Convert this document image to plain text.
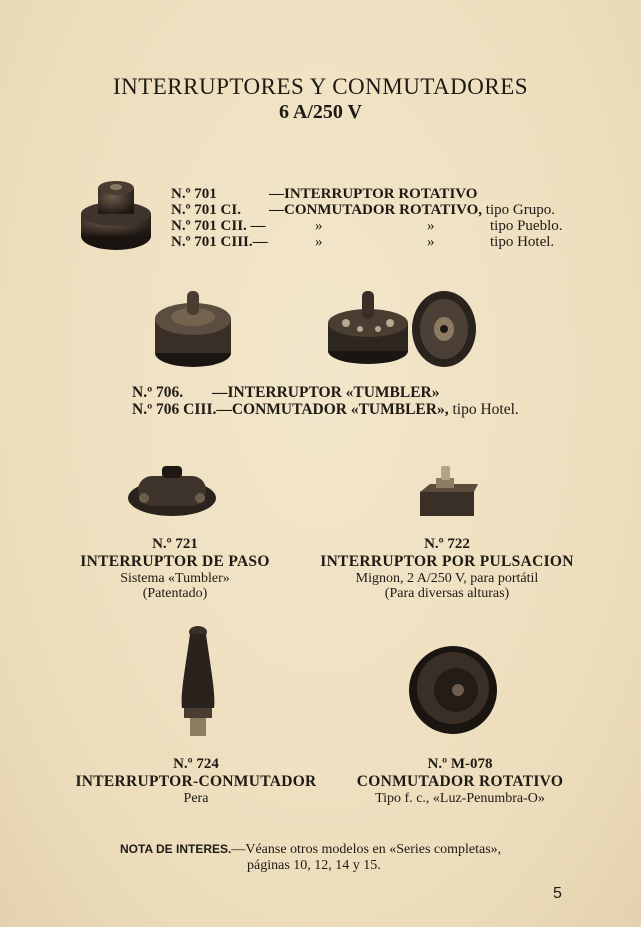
INTERRUPTORES Y CONMUTADORES
6 A/250 V
N.º 701	—INTERRUPTOR ROTATIVO
N.º 701 CI. —CONMUTADOR ROTATIVO, tipo Grupo.
N.º 701 CII. —	»	»	tipo Pueblo.
N.º 701 CIII.—	»	»	tipo Hotel.
N.º 706. —INTERRUPTOR «TUMBLER»
N.º 706 CIII.—CONMUTADOR «TUMBLER», tipo Hotel.
N.º 721
INTERRUPTOR DE PASO
Sistema «Tumbler»
(Patentado)
N.º 722
INTERRUPTOR POR PULSACION
Mignon, 2 A/250 V, para portátil
(Para diversas alturas)
N.º 724
INTERRUPTOR-CONMUTADOR
Pera
N.º M-078
CONMUTADOR ROTATIVO
Tipo f. c., «Luz-Penumbra-O»
NOTA DE INTERES.—Véanse otros modelos en «Series completas»,
páginas 10, 12, 14 y 15.
5
